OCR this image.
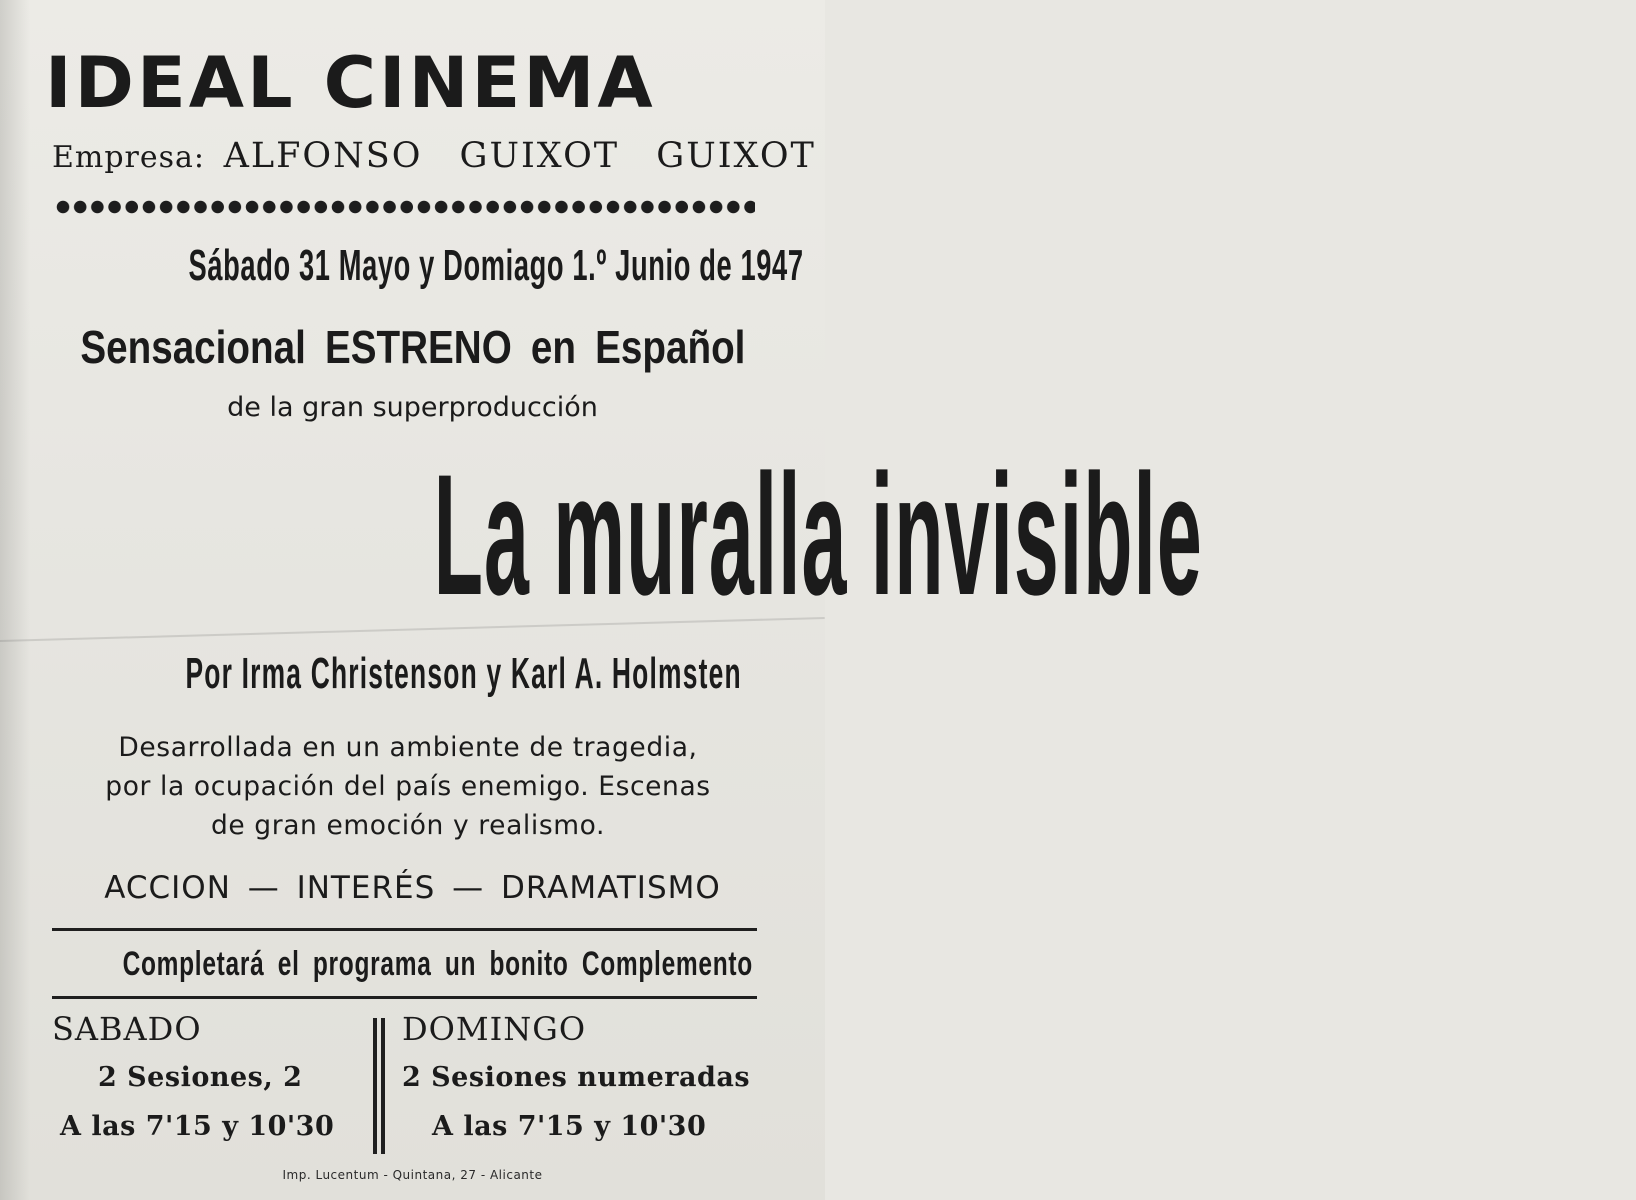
IDEAL CINEMA
Empresa: ALFONSO GUIXOT GUIXOT
Sábado 31 Mayo y Domiago 1.º Junio de 1947
Sensacional ESTRENO en Español
de la gran superproducción
La muralla invisible
Por Irma Christenson y Karl A. Holmsten
Desarrollada en un ambiente de tragedia,
por la ocupación del país enemigo. Escenas
de gran emoción y realismo.
ACCION — INTERÉS — DRAMATISMO
Completará el programa un bonito Complemento
SABADO
2 Sesiones, 2
A las 7'15 y 10'30
DOMINGO
2 Sesiones numeradas
A las 7'15 y 10'30
Imp. Lucentum - Quintana, 27 - Alicante
